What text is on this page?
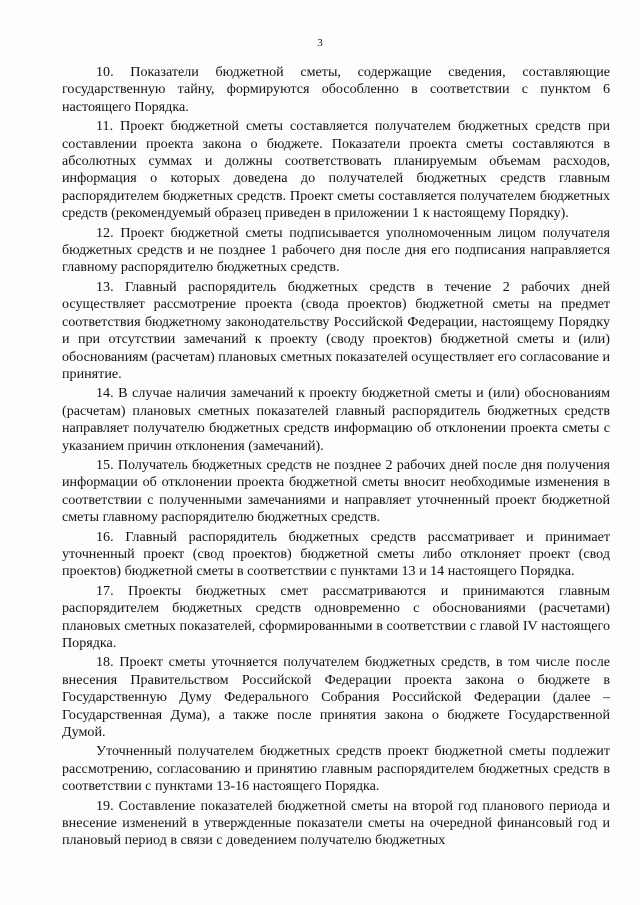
3

10. Показатели бюджетной сметы, содержащие сведения, составляющие государственную тайну, формируются обособленно в соответствии с пунктом 6 настоящего Порядка.

11. Проект бюджетной сметы составляется получателем бюджетных средств при составлении проекта закона о бюджете. Показатели проекта сметы составляются в абсолютных суммах и должны соответствовать планируемым объемам расходов, информация о которых доведена до получателей бюджетных средств главным распорядителем бюджетных средств. Проект сметы составляется получателем бюджетных средств (рекомендуемый образец приведен в приложении 1 к настоящему Порядку).

12. Проект бюджетной сметы подписывается уполномоченным лицом получателя бюджетных средств и не позднее 1 рабочего дня после дня его подписания направляется главному распорядителю бюджетных средств.

13. Главный распорядитель бюджетных средств в течение 2 рабочих дней осуществляет рассмотрение проекта (свода проектов) бюджетной сметы на предмет соответствия бюджетному законодательству Российской Федерации, настоящему Порядку и при отсутствии замечаний к проекту (своду проектов) бюджетной сметы и (или) обоснованиям (расчетам) плановых сметных показателей осуществляет его согласование и принятие.

14. В случае наличия замечаний к проекту бюджетной сметы и (или) обоснованиям (расчетам) плановых сметных показателей главный распорядитель бюджетных средств направляет получателю бюджетных средств информацию об отклонении проекта сметы с указанием причин отклонения (замечаний).

15. Получатель бюджетных средств не позднее 2 рабочих дней после дня получения информации об отклонении проекта бюджетной сметы вносит необходимые изменения в соответствии с полученными замечаниями и направляет уточненный проект бюджетной сметы главному распорядителю бюджетных средств.

16. Главный распорядитель бюджетных средств рассматривает и принимает уточненный проект (свод проектов) бюджетной сметы либо отклоняет проект (свод проектов) бюджетной сметы в соответствии с пунктами 13 и 14 настоящего Порядка.

17. Проекты бюджетных смет рассматриваются и принимаются главным распорядителем бюджетных средств одновременно с обоснованиями (расчетами) плановых сметных показателей, сформированными в соответствии с главой IV настоящего Порядка.

18. Проект сметы уточняется получателем бюджетных средств, в том числе после внесения Правительством Российской Федерации проекта закона о бюджете в Государственную Думу Федерального Собрания Российской Федерации (далее – Государственная Дума), а также после принятия закона о бюджете Государственной Думой.

Уточненный получателем бюджетных средств проект бюджетной сметы подлежит рассмотрению, согласованию и принятию главным распорядителем бюджетных средств в соответствии с пунктами 13-16 настоящего Порядка.

19. Составление показателей бюджетной сметы на второй год планового периода и внесение изменений в утвержденные показатели сметы на очередной финансовый год и плановый период в связи с доведением получателю бюджетных
